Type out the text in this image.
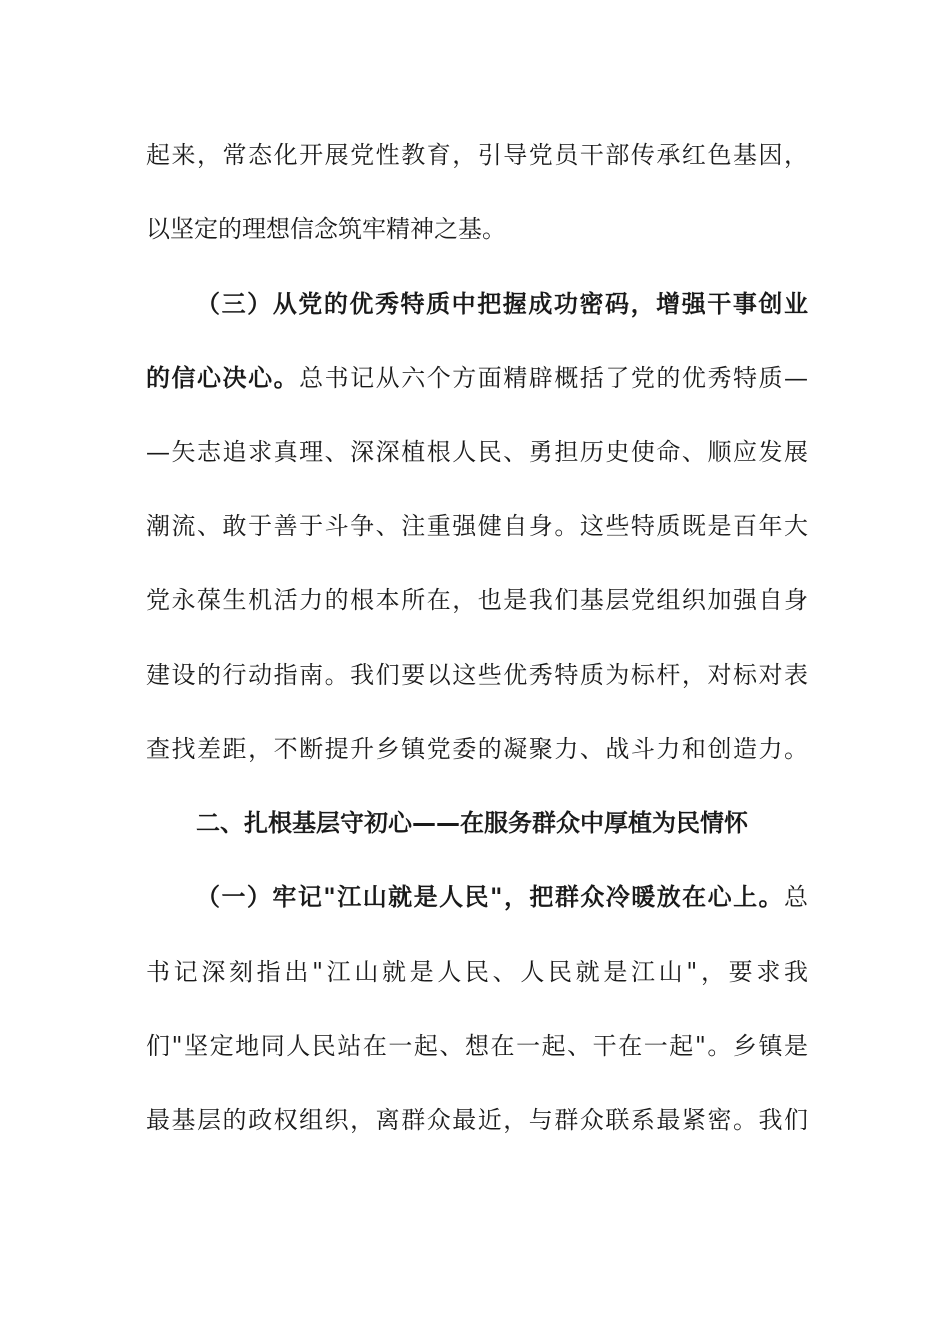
起来，常态化开展党性教育，引导党员干部传承红色基因，
以坚定的理想信念筑牢精神之基。
（三）从党的优秀特质中把握成功密码，增强干事创业
的信心决心。总书记从六个方面精辟概括了党的优秀特质—
—矢志追求真理、深深植根人民、勇担历史使命、顺应发展
潮流、敢于善于斗争、注重强健自身。这些特质既是百年大
党永葆生机活力的根本所在，也是我们基层党组织加强自身
建设的行动指南。我们要以这些优秀特质为标杆，对标对表
查找差距，不断提升乡镇党委的凝聚力、战斗力和创造力。
二、扎根基层守初心——在服务群众中厚植为民情怀
（一）牢记"江山就是人民"，把群众冷暖放在心上。总
书记深刻指出"江山就是人民、人民就是江山"，要求我
们"坚定地同人民站在一起、想在一起、干在一起"。乡镇是
最基层的政权组织，离群众最近，与群众联系最紧密。我们
